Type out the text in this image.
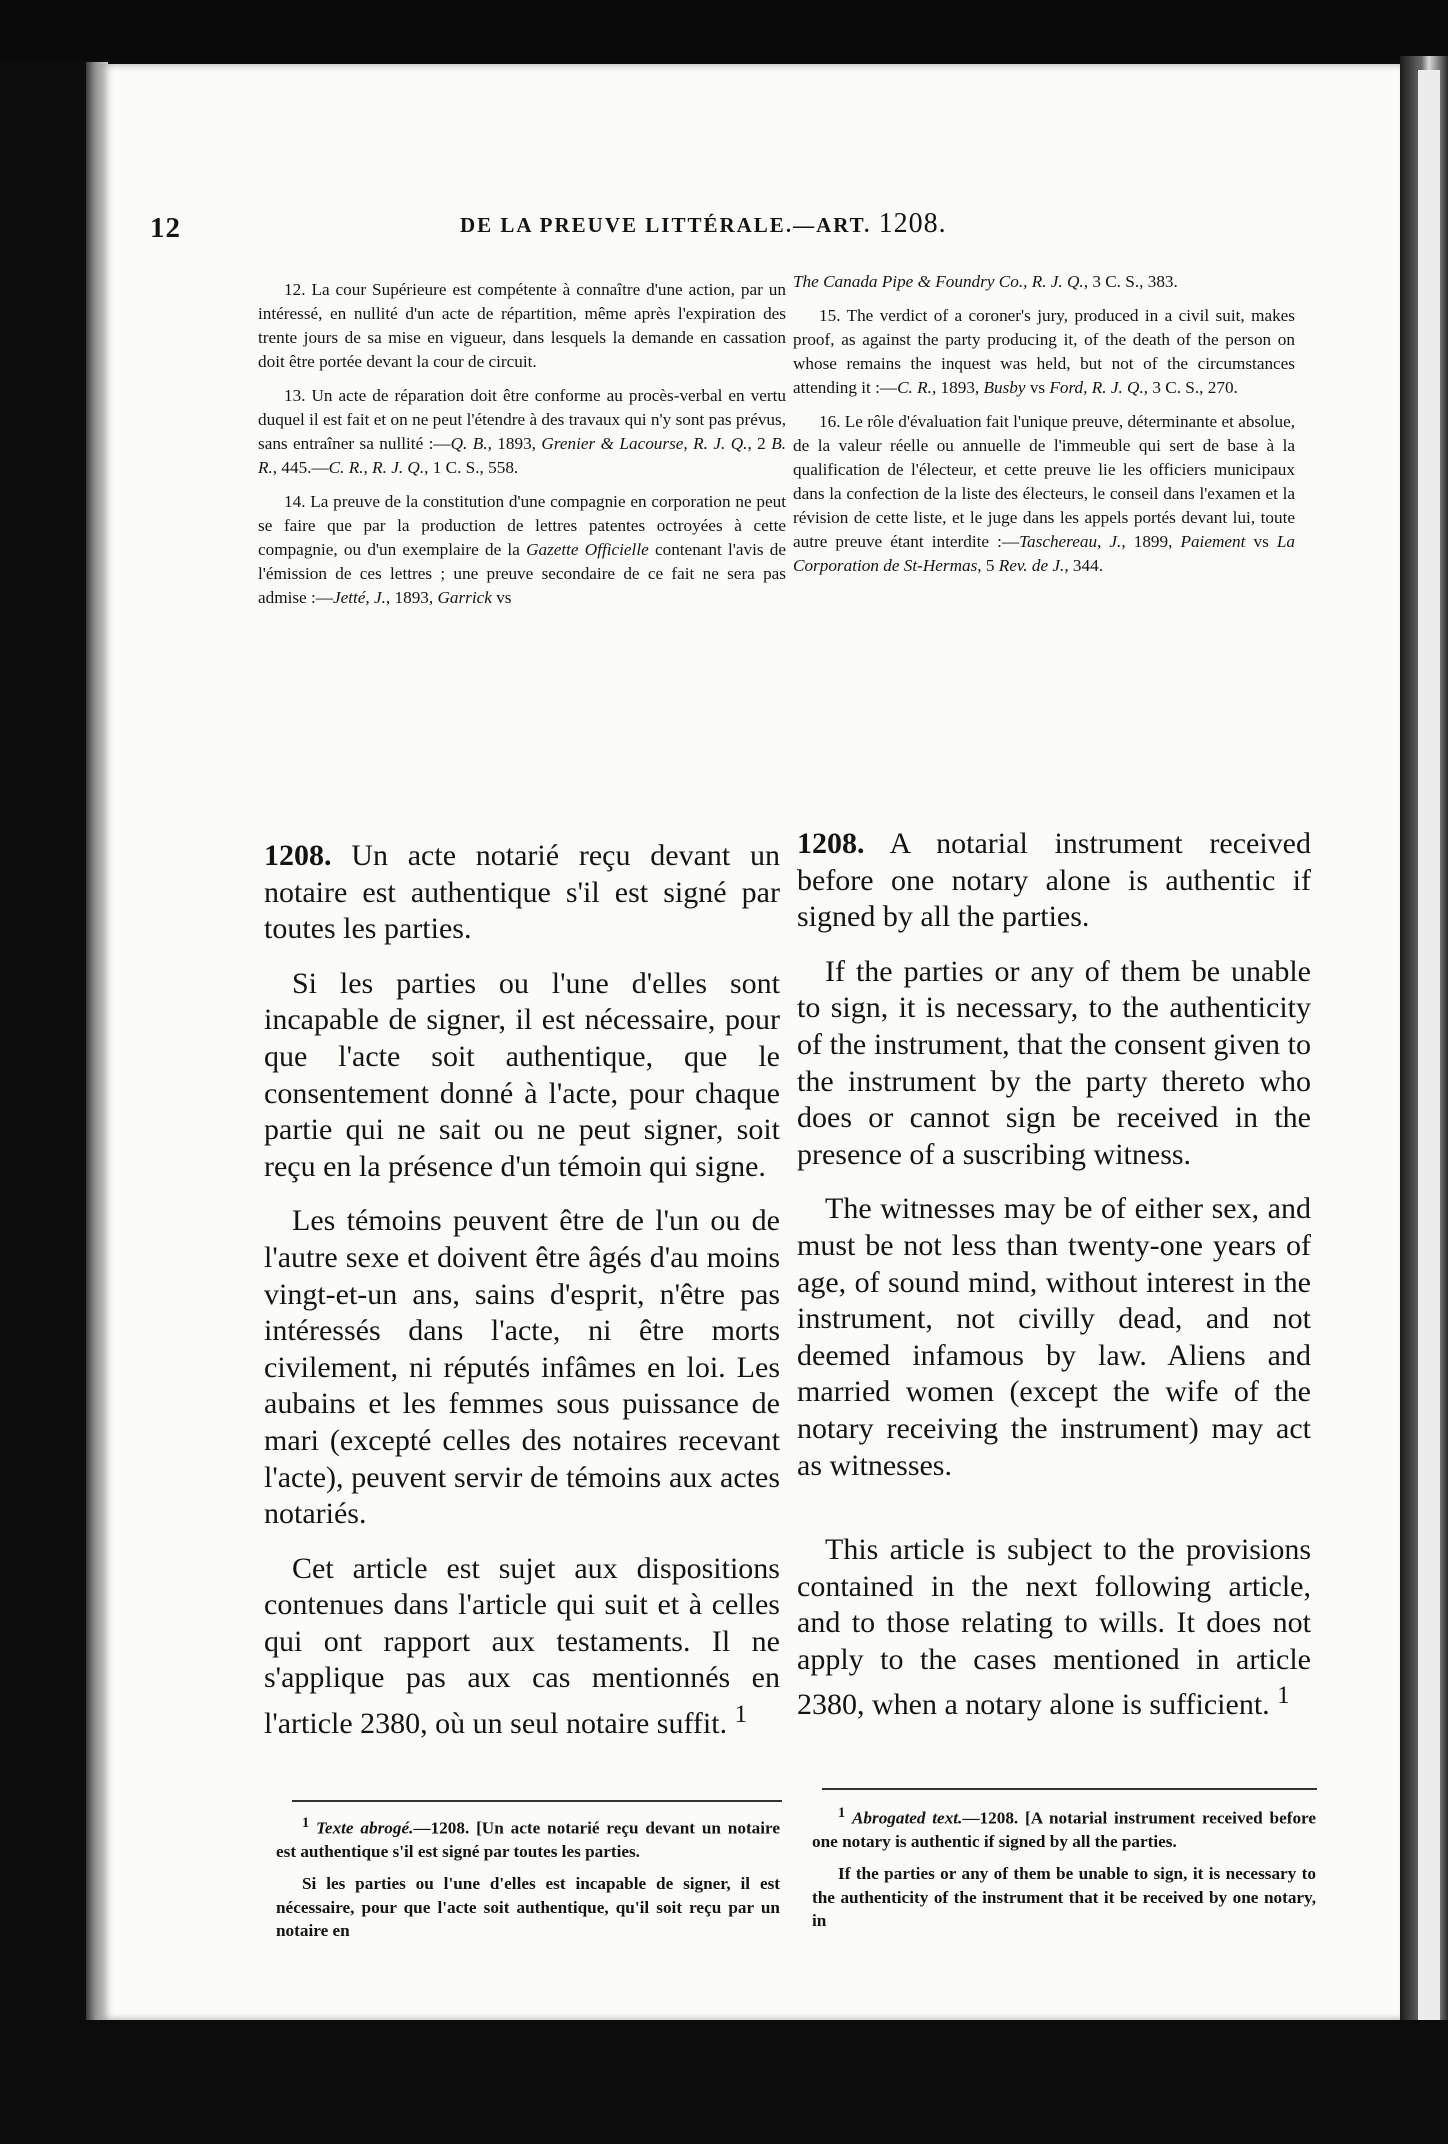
12	DE LA PREUVE LITTÉRALE.—ART. 1208.

12. La cour Supérieure est compétente à connaître d'une action, par un intéressé, en nullité d'un acte de répartition, même après l'expiration des trente jours de sa mise en vigueur, dans lesquels la demande en cassation doit être portée devant la cour de circuit.

13. Un acte de réparation doit être conforme au procès-verbal en vertu duquel il est fait et on ne peut l'étendre à des travaux qui n'y sont pas prévus, sans entraîner sa nullité :—Q. B., 1893, Grenier & Lacourse, R. J. Q., 2 B. R., 445.—C. R., R. J. Q., 1 C. S., 558.

14. La preuve de la constitution d'une compagnie en corporation ne peut se faire que par la production de lettres patentes octroyées à cette compagnie, ou d'un exemplaire de la Gazette Officielle contenant l'avis de l'émission de ces lettres ; une preuve secondaire de ce fait ne sera pas admise :—Jetté, J., 1893, Garrick vs

The Canada Pipe & Foundry Co., R. J. Q., 3 C. S., 383.

15. The verdict of a coroner's jury, produced in a civil suit, makes proof, as against the party producing it, of the death of the person on whose remains the inquest was held, but not of the circumstances attending it :—C. R., 1893, Busby vs Ford, R. J. Q., 3 C. S., 270.

16. Le rôle d'évaluation fait l'unique preuve, déterminante et absolue, de la valeur réelle ou annuelle de l'immeuble qui sert de base à la qualification de l'électeur, et cette preuve lie les officiers municipaux dans la confection de la liste des électeurs, le conseil dans l'examen et la révision de cette liste, et le juge dans les appels portés devant lui, toute autre preuve étant interdite :—Taschereau, J., 1899, Paiement vs La Corporation de St-Hermas, 5 Rev. de J., 344.

1208. Un acte notarié reçu devant un notaire est authentique s'il est signé par toutes les parties.

Si les parties ou l'une d'elles sont incapable de signer, il est nécessaire, pour que l'acte soit authentique, que le consentement donné à l'acte, pour chaque partie qui ne sait ou ne peut signer, soit reçu en la présence d'un témoin qui signe.

Les témoins peuvent être de l'un ou de l'autre sexe et doivent être âgés d'au moins vingt-et-un ans, sains d'esprit, n'être pas intéressés dans l'acte, ni être morts civilement, ni réputés infâmes en loi. Les aubains et les femmes sous puissance de mari (excepté celles des notaires recevant l'acte), peuvent servir de témoins aux actes notariés.

Cet article est sujet aux dispositions contenues dans l'article qui suit et à celles qui ont rapport aux testaments. Il ne s'applique pas aux cas mentionnés en l'article 2380, où un seul notaire suffit. $^1$

1208. A notarial instrument received before one notary alone is authentic if signed by all the parties.

If the parties or any of them be unable to sign, it is necessary, to the authenticity of the instrument, that the consent given to the instrument by the party thereto who does or cannot sign be received in the presence of a suscribing witness.

The witnesses may be of either sex, and must be not less than twenty-one years of age, of sound mind, without interest in the instrument, not civilly dead, and not deemed infamous by law. Aliens and married women (except the wife of the notary receiving the instrument) may act as witnesses.

This article is subject to the provisions contained in the next following article, and to those relating to wills. It does not apply to the cases mentioned in article 2380, when a notary alone is sufficient. $^1$

$^1$ Texte abrogé.—1208. [Un acte notarié reçu devant un notaire est authentique s'il est signé par toutes les parties.

Si les parties ou l'une d'elles est incapable de signer, il est nécessaire, pour que l'acte soit authentique, qu'il soit reçu par un notaire en

$^1$ Abrogated text.—1208. [A notarial instrument received before one notary is authentic if signed by all the parties.

If the parties or any of them be unable to sign, it is necessary to the authenticity of the instrument that it be received by one notary, in
